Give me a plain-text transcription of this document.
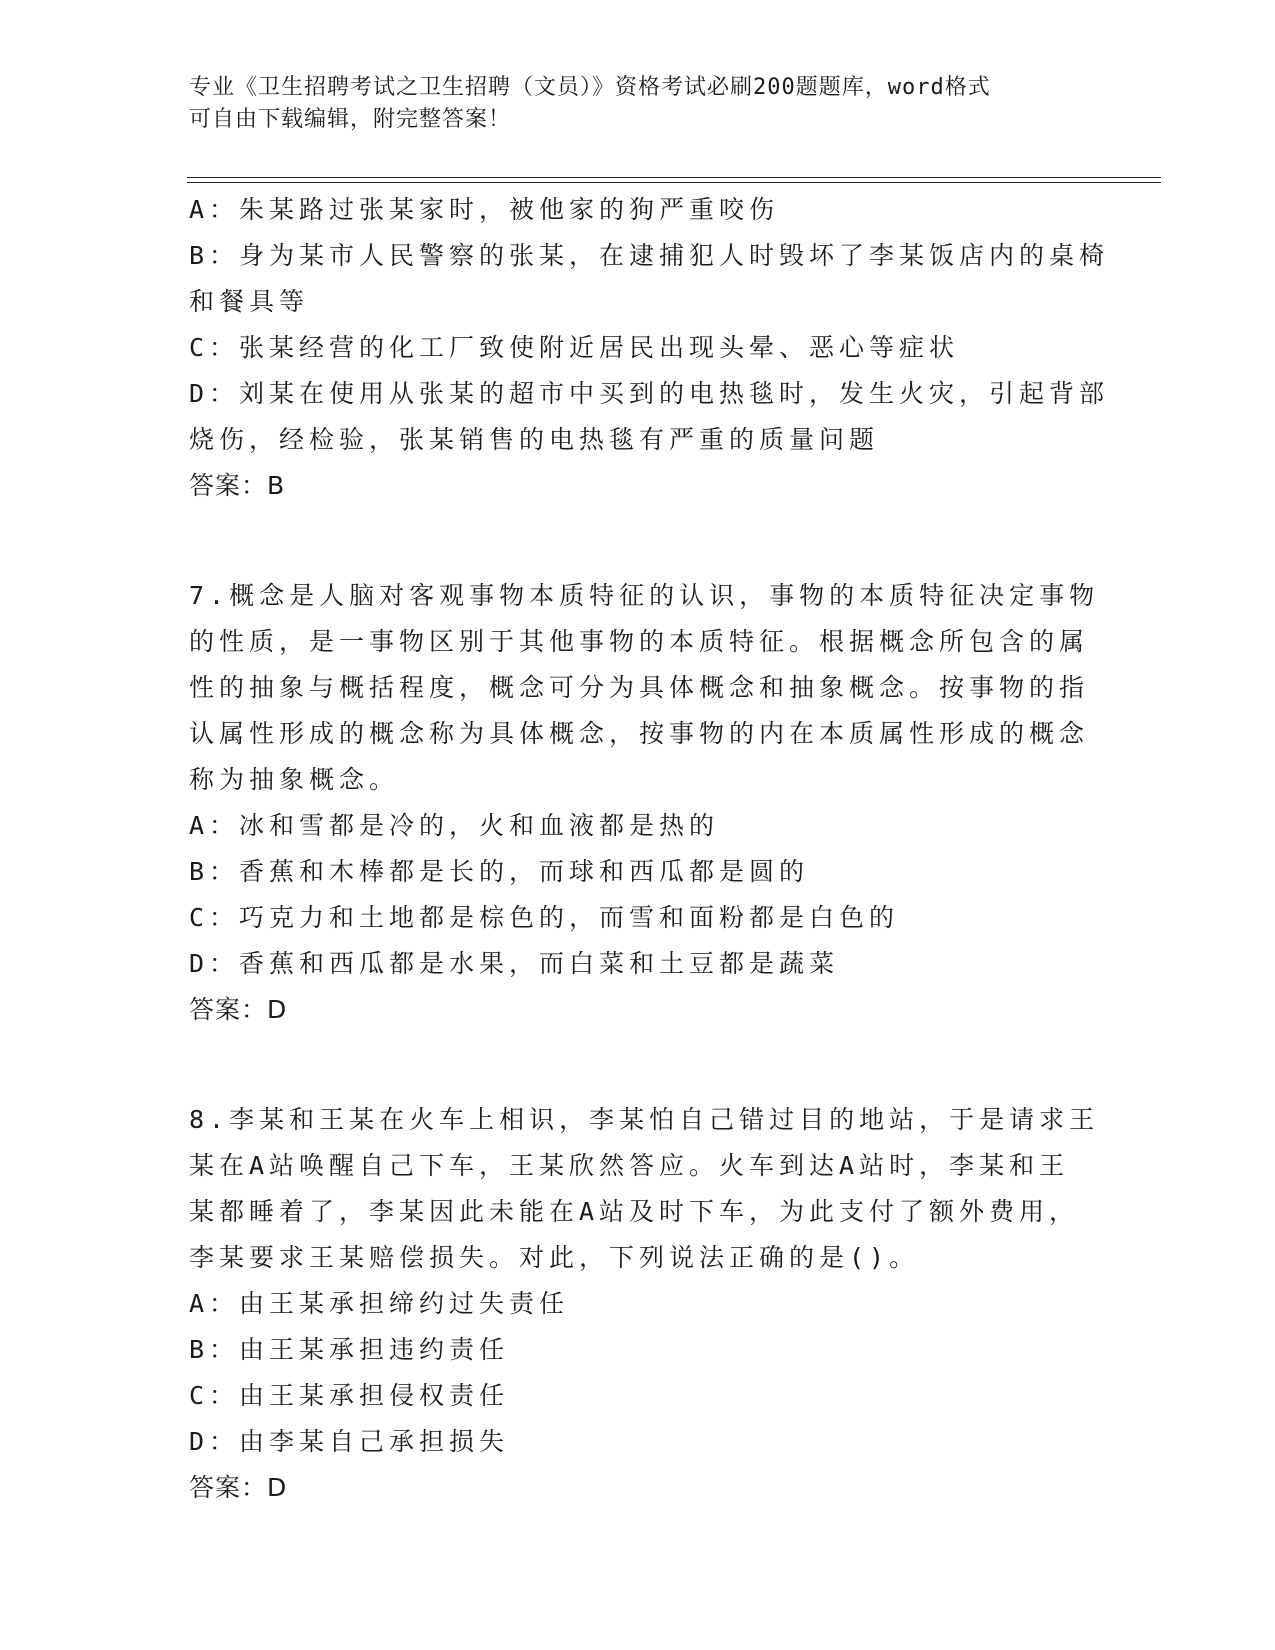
专业《卫生招聘考试之卫生招聘（文员）》资格考试必刷200题题库，word格式
可自由下载编辑，附完整答案！

A：朱某路过张某家时，被他家的狗严重咬伤

B：身为某市人民警察的张某，在逮捕犯人时毁坏了李某饭店内的桌椅

和餐具等

C：张某经营的化工厂致使附近居民出现头晕、恶心等症状

D：刘某在使用从张某的超市中买到的电热毯时，发生火灾，引起背部

烧伤，经检验，张某销售的电热毯有严重的质量问题

答案：B

7.概念是人脑对客观事物本质特征的认识，事物的本质特征决定事物

的性质，是一事物区别于其他事物的本质特征。根据概念所包含的属

性的抽象与概括程度，概念可分为具体概念和抽象概念。按事物的指

认属性形成的概念称为具体概念，按事物的内在本质属性形成的概念

称为抽象概念。

A：冰和雪都是冷的，火和血液都是热的

B：香蕉和木棒都是长的，而球和西瓜都是圆的

C：巧克力和土地都是棕色的，而雪和面粉都是白色的

D：香蕉和西瓜都是水果，而白菜和土豆都是蔬菜

答案：D

8.李某和王某在火车上相识，李某怕自己错过目的地站，于是请求王

某在A站唤醒自己下车，王某欣然答应。火车到达A站时，李某和王

某都睡着了，李某因此未能在A站及时下车，为此支付了额外费用，

李某要求王某赔偿损失。对此，下列说法正确的是()。

A：由王某承担缔约过失责任

B：由王某承担违约责任

C：由王某承担侵权责任

D：由李某自己承担损失

答案：D
